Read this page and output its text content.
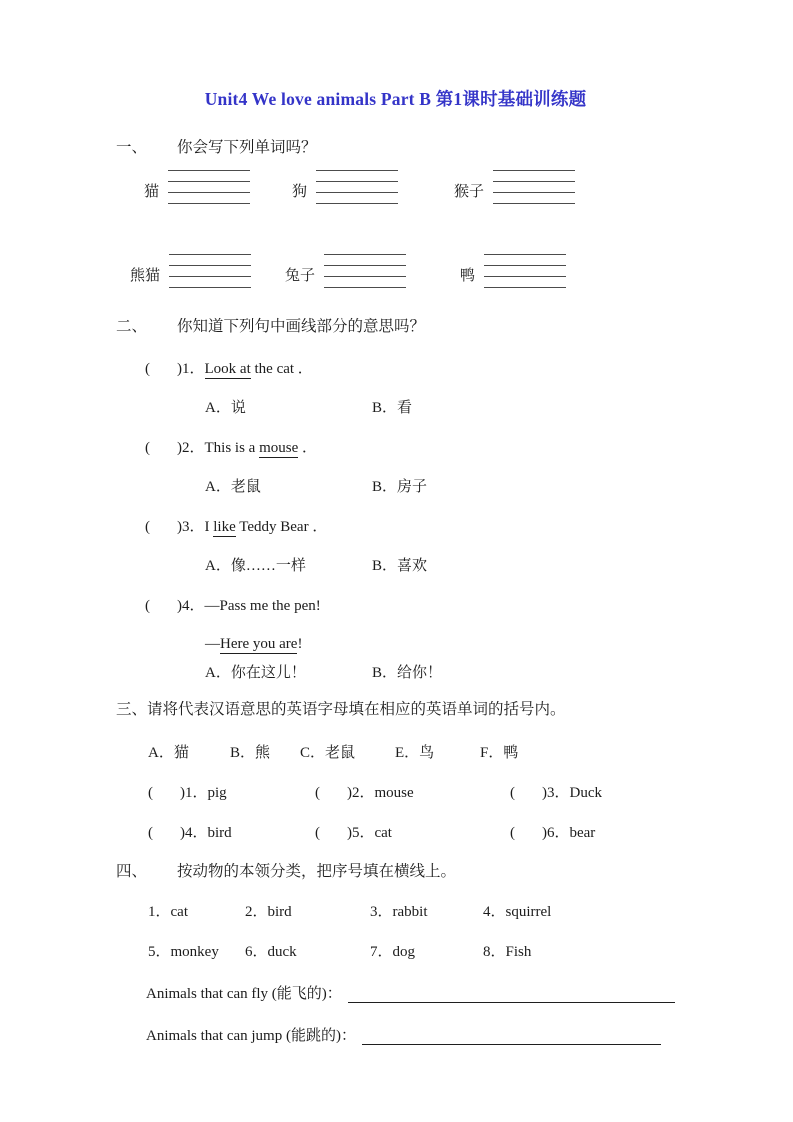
Unit4 We love animals Part B 第1课时基础训练题
一、 你会写下列单词吗？
猫	狗	猴子
熊猫	兔子	鸭
二、 你知道下列句中画线部分的意思吗？
( )1．Look at the cat ．
A．说	B．看
( )2．This is a mouse ．
A．老鼠	B．房子
( )3．I like Teddy Bear ．
A．像……一样	B．喜欢
( )4．—Pass me the pen!
—Here you are!
A．你在这儿！	B．给你！
三、请将代表汉语意思的英语字母填在相应的英语单词的括号内。
A．猫	B．熊	C．老鼠	E．鸟	F．鸭
( )1．pig	( )2．mouse	( )3．Duck
( )4．bird	( )5．cat	( )6．bear
四、 按动物的本领分类，把序号填在横线上。
1．cat	2．bird	3．rabbit	4．squirrel
5．monkey	6．duck	7．dog	8．Fish
Animals that can fly (能飞的)：
Animals that can jump (能跳的)：
